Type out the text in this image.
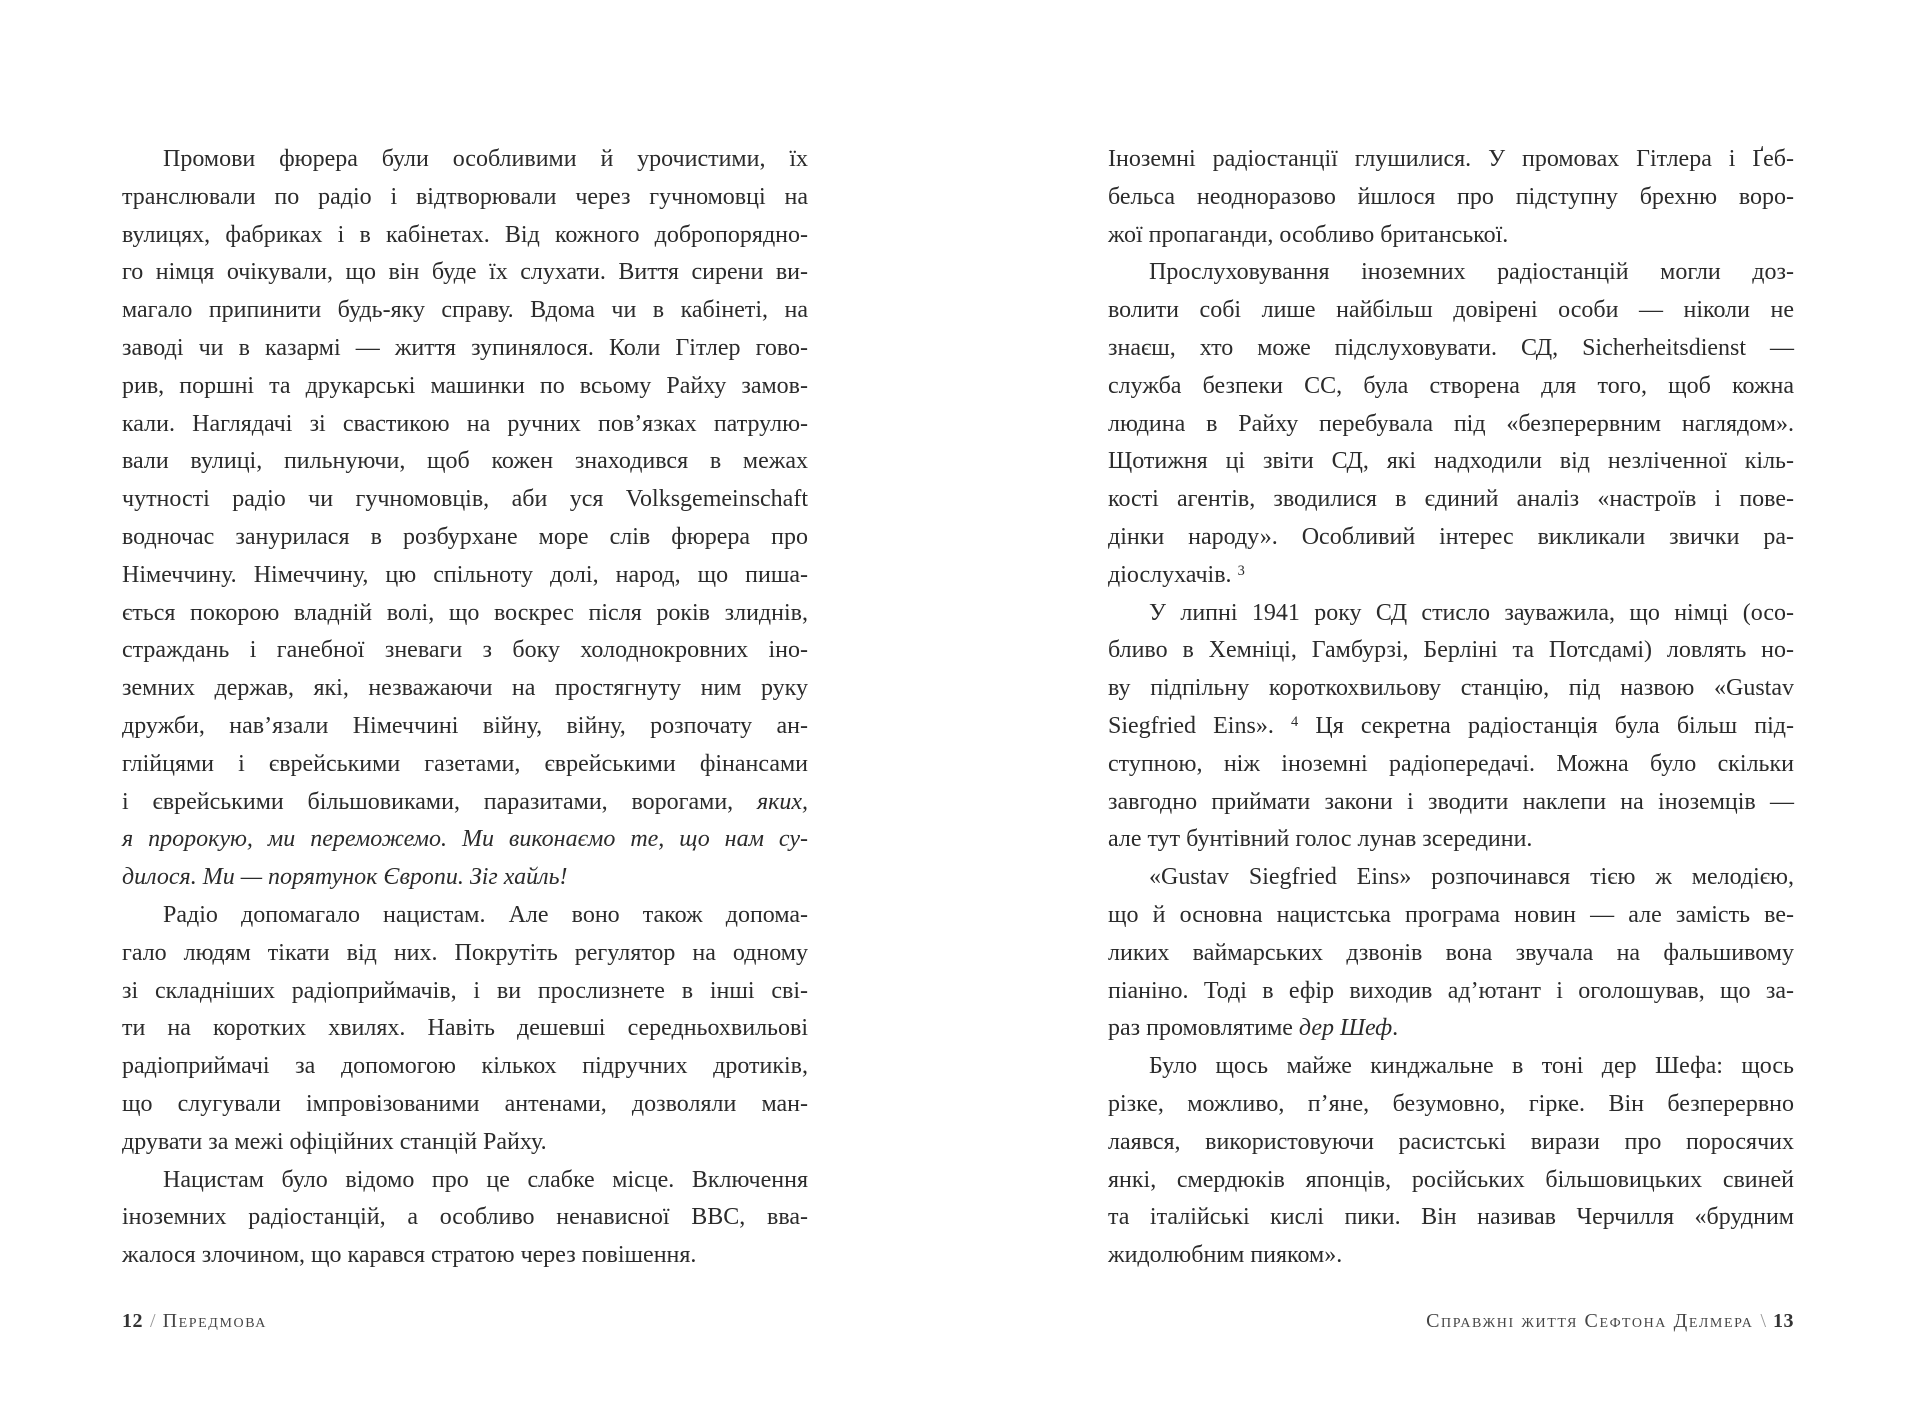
Промови фюрера були особливими й урочистими, їх
транслювали по радіо і відтворювали через гучномовці на
вулицях, фабриках і в кабінетах. Від кожного добропорядно-
го німця очікували, що він буде їх слухати. Виття сирени ви-
магало припинити будь-яку справу. Вдома чи в кабінеті, на
заводі чи в казармі — життя зупинялося. Коли Гітлер гово-
рив, поршні та друкарські машинки по всьому Райху замов-
кали. Наглядачі зі свастикою на ручних пов’язках патрулю-
вали вулиці, пильнуючи, щоб кожен знаходився в межах
чутності радіо чи гучномовців, аби уся Volksgemeinschaft
водночас занурилася в розбурхане море слів фюрера про
Німеччину. Німеччину, цю спільноту долі, народ, що пиша-
ється покорою владній волі, що воскрес після років злиднів,
страждань і ганебної зневаги з боку холоднокровних іно-
земних держав, які, незважаючи на простягнуту ним руку
дружби, нав’язали Німеччині війну, війну, розпочату ан-
глійцями і єврейськими газетами, єврейськими фінансами
і єврейськими більшовиками, паразитами, ворогами, яких,
я пророкую, ми переможемо. Ми виконаємо те, що нам су-
дилося. Ми — порятунок Європи. Зіг хайль!
Радіо допомагало нацистам. Але воно також допома-
гало людям тікати від них. Покрутіть регулятор на одному
зі складніших радіоприймачів, і ви прослизнете в інші сві-
ти на коротких хвилях. Навіть дешевші середньохвильові
радіоприймачі за допомогою кількох підручних дротиків,
що слугували імпровізованими антенами, дозволяли ман-
друвати за межі офіційних станцій Райху.
Нацистам було відомо про це слабке місце. Включення
іноземних радіостанцій, а особливо ненависної BBC, вва-
жалося злочином, що карався стратою через повішення.
12 / Передмова
Іноземні радіостанції глушилися. У промовах Гітлера і Ґеб-
бельса неодноразово йшлося про підступну брехню воро-
жої пропаганди, особливо британської.
Прослуховування іноземних радіостанцій могли доз-
волити собі лише найбільш довірені особи — ніколи не
знаєш, хто може підслуховувати. СД, Sicherheitsdienst —
служба безпеки СС, була створена для того, щоб кожна
людина в Райху перебувала під «безперервним наглядом».
Щотижня ці звіти СД, які надходили від незліченної кіль-
кості агентів, зводилися в єдиний аналіз «настроїв і пове-
дінки народу». Особливий інтерес викликали звички ра-
діослухачів. $^3$
У липні 1941 року СД стисло зауважила, що німці (осо-
бливо в Хемніці, Гамбурзі, Берліні та Потсдамі) ловлять но-
ву підпільну короткохвильову станцію, під назвою «Gustav
Siegfried Eins». $^4$ Ця секретна радіостанція була більш під-
ступною, ніж іноземні радіопередачі. Можна було скільки
завгодно приймати закони і зводити наклепи на іноземців —
але тут бунтівний голос лунав зсередини.
«Gustav Siegfried Eins» розпочинався тією ж мелодією,
що й основна нацистська програма новин — але замість ве-
ликих ваймарських дзвонів вона звучала на фальшивому
піаніно. Тоді в ефір виходив ад’ютант і оголошував, що за-
раз промовлятиме дер Шеф.
Було щось майже кинджальне в тоні дер Шефа: щось
різке, можливо, п’яне, безумовно, гірке. Він безперервно
лаявся, використовуючи расистські вирази про поросячих
янкі, смердюків японців, російських більшовицьких свиней
та італійські кислі пики. Він називав Черчилля «брудним
жидолюбним пияком».
Справжні життя Сефтона Делмера \ 13
